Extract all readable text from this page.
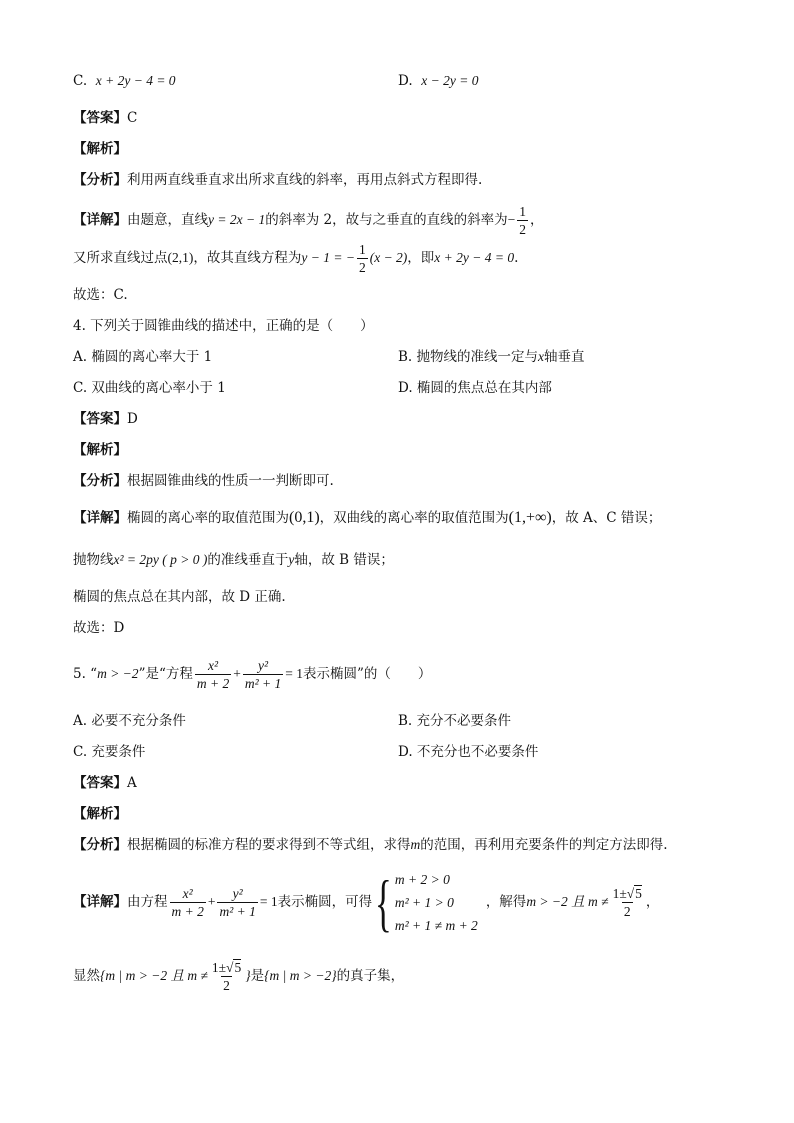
C. x + 2y − 4 = 0	D. x − 2y = 0
【答案】C
【解析】
【分析】利用两直线垂直求出所求直线的斜率，再用点斜式方程即得.
【详解】由题意，直线y = 2x − 1的斜率为 2，故与之垂直的直线的斜率为− $\frac{1}{2}$ ，
又所求直线过点(2,1)，故其直线方程为y − 1 = − $\frac{1}{2} (x - 2)$，即x + 2y − 4 = 0.
故选：C.
4. 下列关于圆锥曲线的描述中，正确的是（　　）
A. 椭圆的离心率大于 1	B. 抛物线的准线一定与x轴垂直
C. 双曲线的离心率小于 1	D. 椭圆的焦点总在其内部
【答案】D
【解析】
【分析】根据圆锥曲线的性质一一判断即可.
【详解】椭圆的离心率的取值范围为(0,1)，双曲线的离心率的取值范围为(1,+∞)，故 A、C 错误；
抛物线x² = 2py ( p > 0 )的准线垂直于y轴，故 B 错误；
椭圆的焦点总在其内部，故 D 正确.
故选：D
5. “m > −2”是“方程 $\frac{\text{x²}}{m + 2} + \frac{\text{y²}}{\text{m² + 1}} = 1$表示椭圆”的（　　）
A. 必要不充分条件	B. 充分不必要条件
C. 充要条件	D. 不充分也不必要条件
【答案】A
【解析】
【分析】根据椭圆的标准方程的要求得到不等式组，求得m的范围，再利用充要条件的判定方法即得.
【详解】由方程 $\frac{\text{x²}}{m + 2} + \frac{\text{y²}}{\text{m² + 1}} = 1$表示椭圆，可得{ m + 2 > 0
m² + 1 > 0
m² + 1 ≠ m + 2
，解得m > −2 且 $m \ne \frac{1\pm√5}{2}$ ，
显然{m | m > −2 且 $m \ne \frac{1\pm√5}{2}$ }是{m | m > −2}的真子集，
